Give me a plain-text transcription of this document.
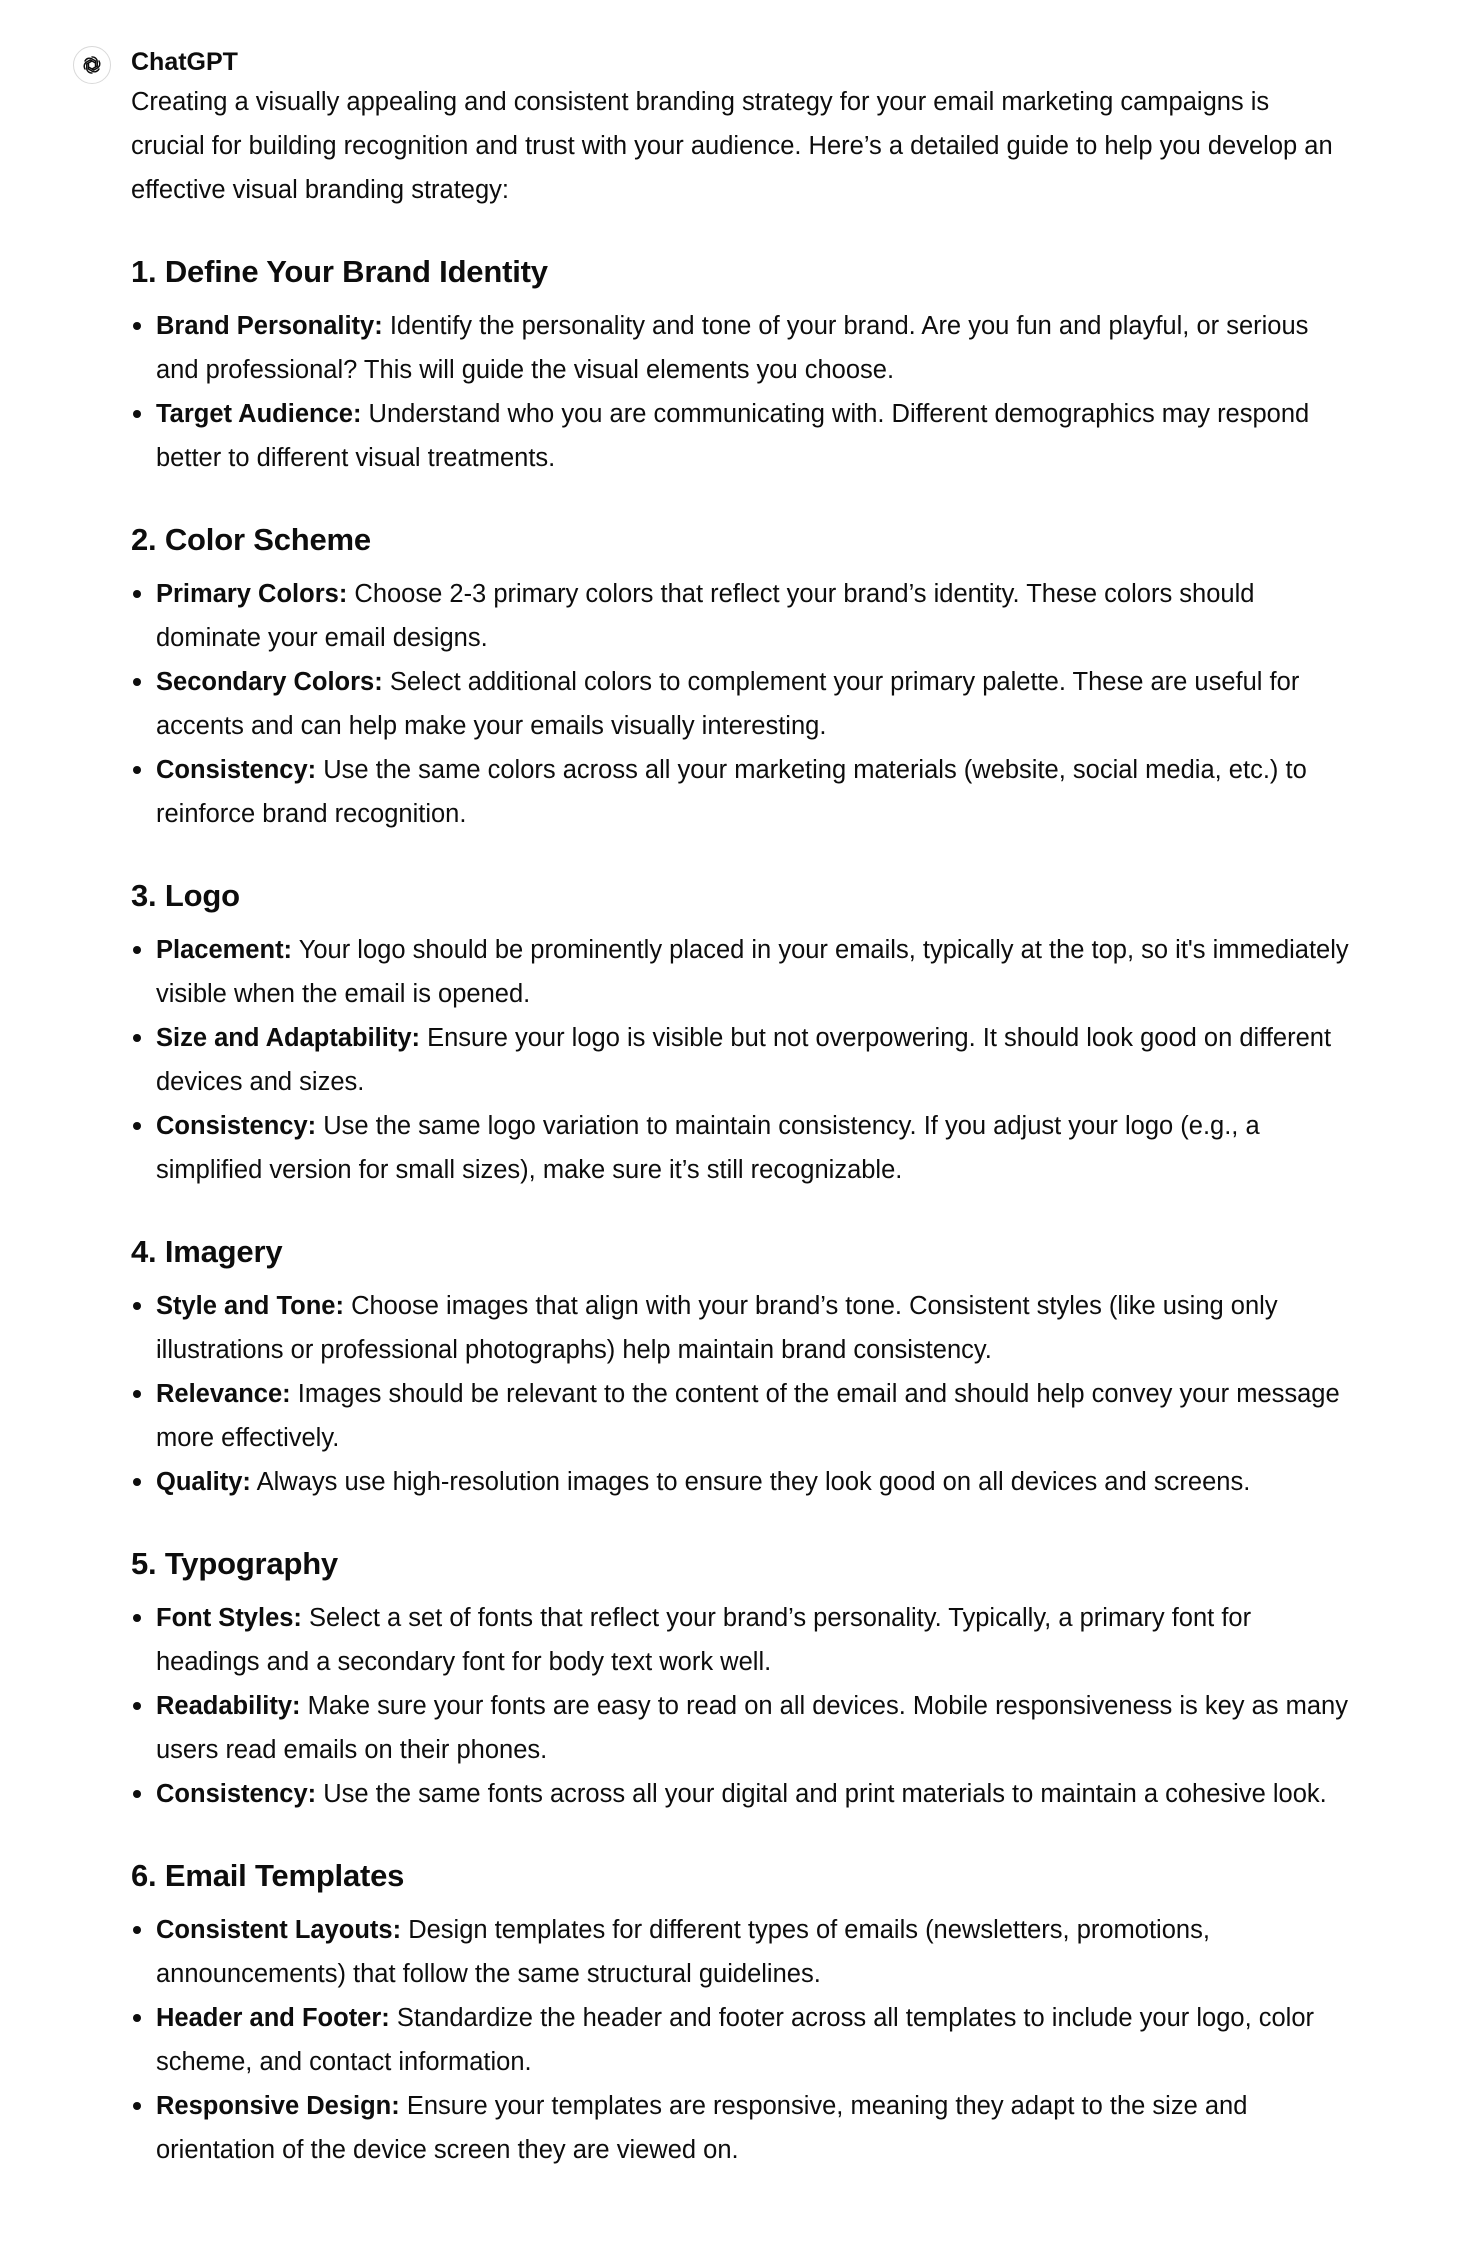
ChatGPT

Creating a visually appealing and consistent branding strategy for your email marketing campaigns is crucial for building recognition and trust with your audience. Here’s a detailed guide to help you develop an effective visual branding strategy:

1. Define Your Brand Identity
Brand Personality: Identify the personality and tone of your brand. Are you fun and playful, or serious and professional? This will guide the visual elements you choose.
Target Audience: Understand who you are communicating with. Different demographics may respond better to different visual treatments.
2. Color Scheme
Primary Colors: Choose 2-3 primary colors that reflect your brand’s identity. These colors should dominate your email designs.
Secondary Colors: Select additional colors to complement your primary palette. These are useful for accents and can help make your emails visually interesting.
Consistency: Use the same colors across all your marketing materials (website, social media, etc.) to reinforce brand recognition.
3. Logo
Placement: Your logo should be prominently placed in your emails, typically at the top, so it's immediately visible when the email is opened.
Size and Adaptability: Ensure your logo is visible but not overpowering. It should look good on different devices and sizes.
Consistency: Use the same logo variation to maintain consistency. If you adjust your logo (e.g., a simplified version for small sizes), make sure it’s still recognizable.
4. Imagery
Style and Tone: Choose images that align with your brand’s tone. Consistent styles (like using only illustrations or professional photographs) help maintain brand consistency.
Relevance: Images should be relevant to the content of the email and should help convey your message more effectively.
Quality: Always use high-resolution images to ensure they look good on all devices and screens.
5. Typography
Font Styles: Select a set of fonts that reflect your brand’s personality. Typically, a primary font for headings and a secondary font for body text work well.
Readability: Make sure your fonts are easy to read on all devices. Mobile responsiveness is key as many users read emails on their phones.
Consistency: Use the same fonts across all your digital and print materials to maintain a cohesive look.
6. Email Templates
Consistent Layouts: Design templates for different types of emails (newsletters, promotions, announcements) that follow the same structural guidelines.
Header and Footer: Standardize the header and footer across all templates to include your logo, color scheme, and contact information.
Responsive Design: Ensure your templates are responsive, meaning they adapt to the size and orientation of the device screen they are viewed on.
